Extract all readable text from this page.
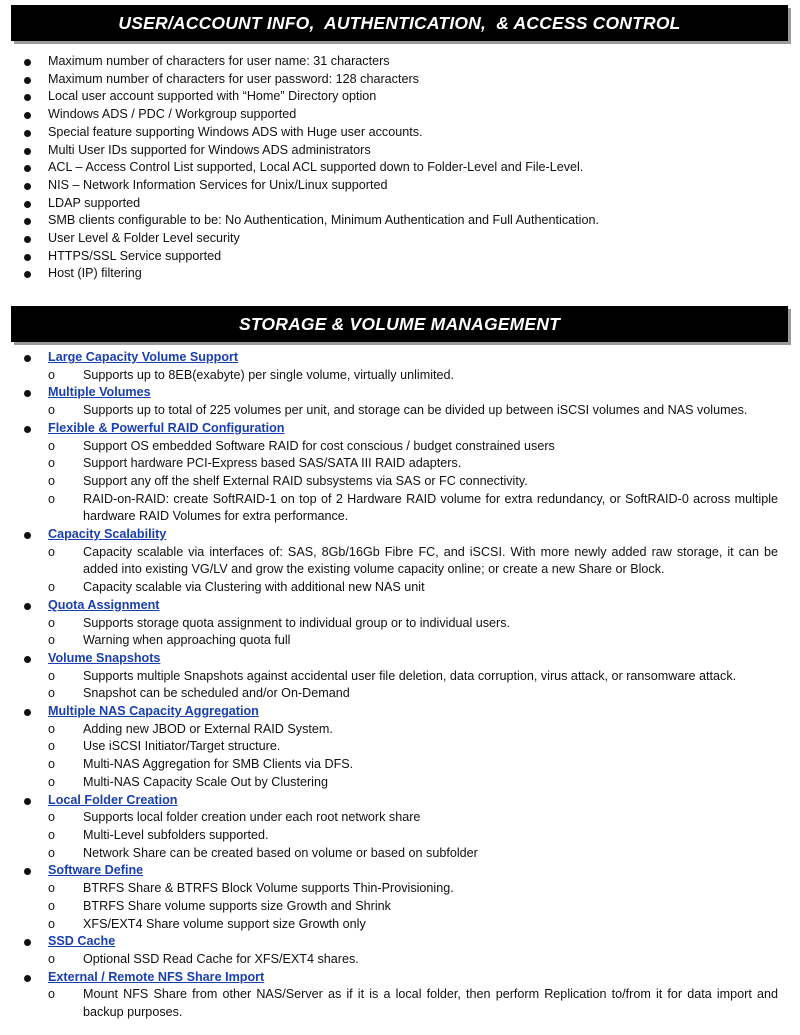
USER/ACCOUNT INFO,  AUTHENTICATION,  & ACCESS CONTROL
Maximum number of characters for user name: 31 characters
Maximum number of characters for user password: 128 characters
Local user account supported with “Home” Directory option
Windows ADS / PDC / Workgroup supported
Special feature supporting Windows ADS with Huge user accounts.
Multi User IDs supported for Windows ADS administrators
ACL – Access Control List supported, Local ACL supported down to Folder-Level and File-Level.
NIS – Network Information Services for Unix/Linux supported
LDAP supported
SMB clients configurable to be: No Authentication, Minimum Authentication and Full Authentication.
User Level & Folder Level security
HTTPS/SSL Service supported
Host (IP) filtering
STORAGE & VOLUME MANAGEMENT
Large Capacity Volume Support
o Supports up to 8EB(exabyte) per single volume, virtually unlimited.
Multiple Volumes
o Supports up to total of 225 volumes per unit, and storage can be divided up between iSCSI volumes and NAS volumes.
Flexible & Powerful RAID Configuration
o Support OS embedded Software RAID for cost conscious / budget constrained users
o Support hardware PCI-Express based SAS/SATA III RAID adapters.
o Support any off the shelf External RAID subsystems via SAS or FC connectivity.
o RAID-on-RAID: create SoftRAID-1 on top of 2 Hardware RAID volume for extra redundancy, or SoftRAID-0 across multiple hardware RAID Volumes for extra performance.
Capacity Scalability
o Capacity scalable via interfaces of: SAS, 8Gb/16Gb Fibre FC, and iSCSI. With more newly added raw storage, it can be added into existing VG/LV and grow the existing volume capacity online; or create a new Share or Block.
o Capacity scalable via Clustering with additional new NAS unit
Quota Assignment
o Supports storage quota assignment to individual group or to individual users.
o Warning when approaching quota full
Volume Snapshots
o Supports multiple Snapshots against accidental user file deletion, data corruption, virus attack, or ransomware attack.
o Snapshot can be scheduled and/or On-Demand
Multiple NAS Capacity Aggregation
o Adding new JBOD or External RAID System.
o Use iSCSI Initiator/Target structure.
o Multi-NAS Aggregation for SMB Clients via DFS.
o Multi-NAS Capacity Scale Out by Clustering
Local Folder Creation
o Supports local folder creation under each root network share
o Multi-Level subfolders supported.
o Network Share can be created based on volume or based on subfolder
Software Define
o BTRFS Share & BTRFS Block Volume supports Thin-Provisioning.
o BTRFS Share volume supports size Growth and Shrink
o XFS/EXT4 Share volume support size Growth only
SSD Cache
o Optional SSD Read Cache for XFS/EXT4 shares.
External / Remote NFS Share Import
o Mount NFS Share from other NAS/Server as if it is a local folder, then perform Replication to/from it for data import and backup purposes.
